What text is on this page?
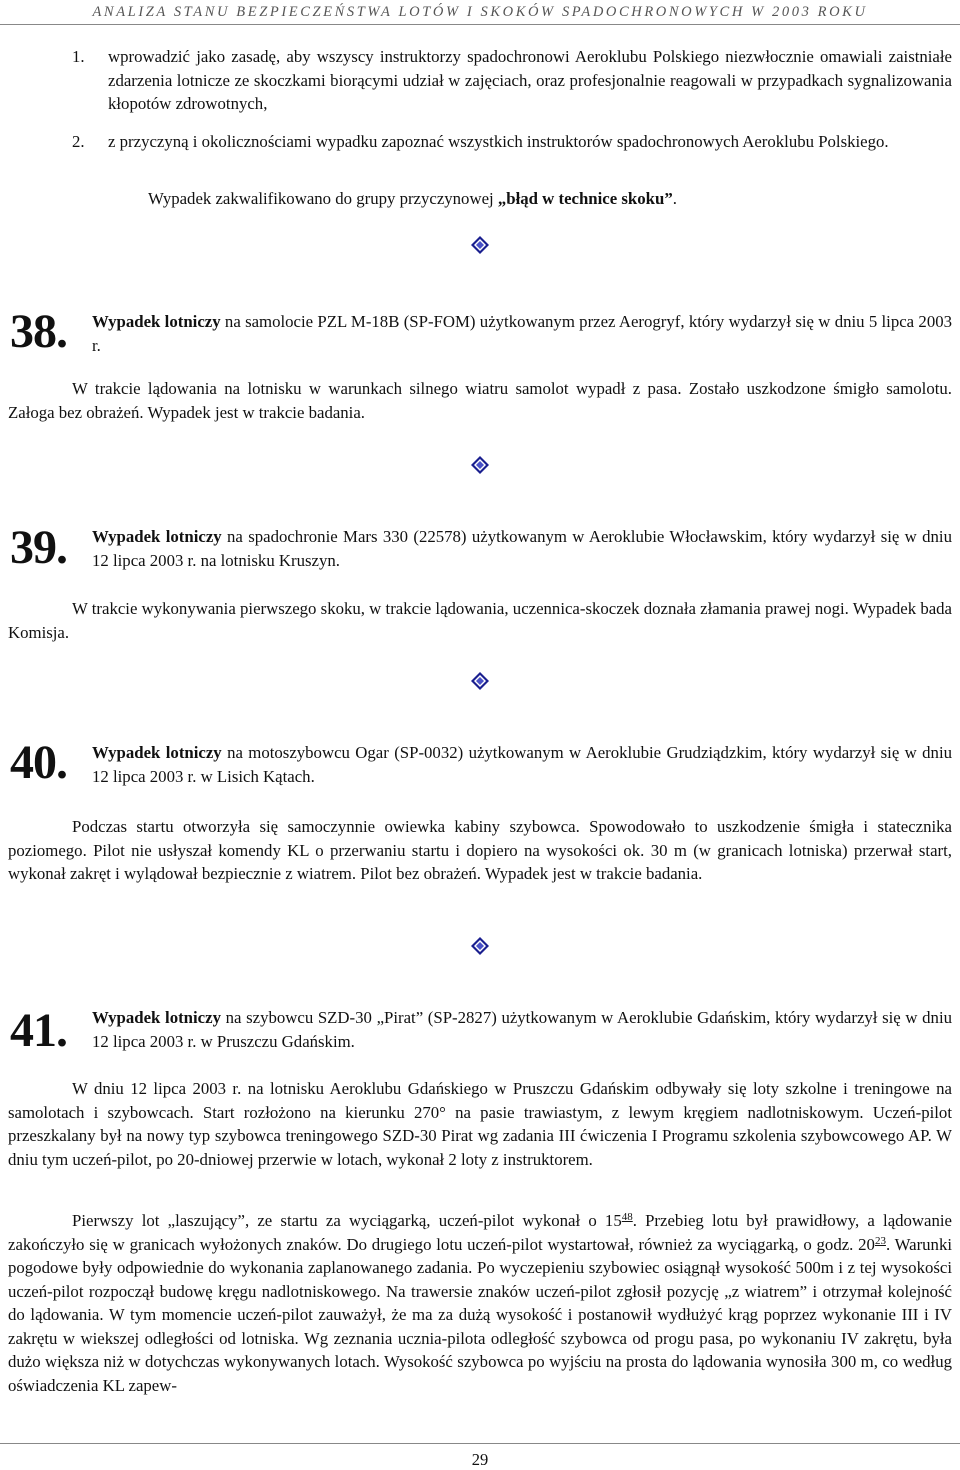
ANALIZA STANU BEZPIECZEŃSTWA LOTÓW I SKOKÓW SPADOCHRONOWYCH W 2003 ROKU
1.	wprowadzić jako zasadę, aby wszyscy instruktorzy spadochronowi Aeroklubu Polskiego niezwłocznie omawiali zaistniałe zdarzenia lotnicze ze skoczkami biorącymi udział w zajęciach, oraz profesjonalnie reagowali w przypadkach sygnalizowania kłopotów zdrowotnych,

2.	z przyczyną i okolicznościami wypadku zapoznać wszystkich instruktorów spadochronowych Aeroklubu Polskiego.

Wypadek zakwalifikowano do grupy przyczynowej „błąd w technice skoku”.

38.	Wypadek lotniczy na samolocie PZL M-18B (SP-FOM) użytkowanym przez Aerogryf, który wydarzył się w dniu 5 lipca 2003 r.

W trakcie lądowania na lotnisku w warunkach silnego wiatru samolot wypadł z pasa. Zostało uszkodzone śmigło samolotu. Załoga bez obrażeń. Wypadek jest w trakcie badania.

39.	Wypadek lotniczy na spadochronie Mars 330 (22578) użytkowanym w Aeroklubie Włocławskim, który wydarzył się w dniu 12 lipca 2003 r. na lotnisku Kruszyn.

W trakcie wykonywania pierwszego skoku, w trakcie lądowania, uczennica-skoczek doznała złamania prawej nogi. Wypadek bada Komisja.

40.	Wypadek lotniczy na motoszybowcu Ogar (SP-0032) użytkowanym w Aeroklubie Grudziądzkim, który wydarzył się w dniu 12 lipca 2003 r. w Lisich Kątach.

Podczas startu otworzyła się samoczynnie owiewka kabiny szybowca. Spowodowało to uszkodzenie śmigła i statecznika poziomego. Pilot nie usłyszał komendy KL o przerwaniu startu i dopiero na wysokości ok. 30 m (w granicach lotniska) przerwał start, wykonał zakręt i wylądował bezpiecznie z wiatrem. Pilot bez obrażeń. Wypadek jest w trakcie badania.

41.	Wypadek lotniczy na szybowcu SZD-30 „Pirat” (SP-2827) użytkowanym w Aeroklubie Gdańskim, który wydarzył się w dniu 12 lipca 2003 r. w Pruszczu Gdańskim.

W dniu 12 lipca 2003 r. na lotnisku Aeroklubu Gdańskiego w Pruszczu Gdańskim odbywały się loty szkolne i treningowe na samolotach i szybowcach. Start rozłożono na kierunku 270° na pasie trawiastym, z lewym kręgiem nadlotniskowym. Uczeń-pilot przeszkalany był na nowy typ szybowca treningowego SZD-30 Pirat wg zadania III ćwiczenia I Programu szkolenia szybowcowego AP. W dniu tym uczeń-pilot, po 20-dniowej przerwie w lotach, wykonał 2 loty z instruktorem.

Pierwszy lot „laszujący”, ze startu za wyciągarką, uczeń-pilot wykonał o $15^{48}$. Przebieg lotu był prawidłowy, a lądowanie zakończyło się w granicach wyłożonych znaków. Do drugiego lotu uczeń-pilot wystartował, również za wyciągarką, o godz. $20^{23}$. Warunki pogodowe były odpowiednie do wykonania zaplanowanego zadania. Po wyczepieniu szybowiec osiągnął wysokość 500m i z tej wysokości uczeń-pilot rozpoczął budowę kręgu nadlotniskowego. Na trawersie znaków uczeń-pilot zgłosił pozycję „z wiatrem” i otrzymał kolejność do lądowania. W tym momencie uczeń-pilot zauważył, że ma za dużą wysokość i postanowił wydłużyć krąg poprzez wykonanie III i IV zakrętu w wiekszej odległości od lotniska. Wg zeznania ucznia-pilota odległość szybowca od progu pasa, po wykonaniu IV zakrętu, była dużo większa niż w dotychczas wykonywanych lotach. Wysokość szybowca po wyjściu na prosta do lądowania wynosiła 300 m, co według oświadczenia KL zapew-

29
